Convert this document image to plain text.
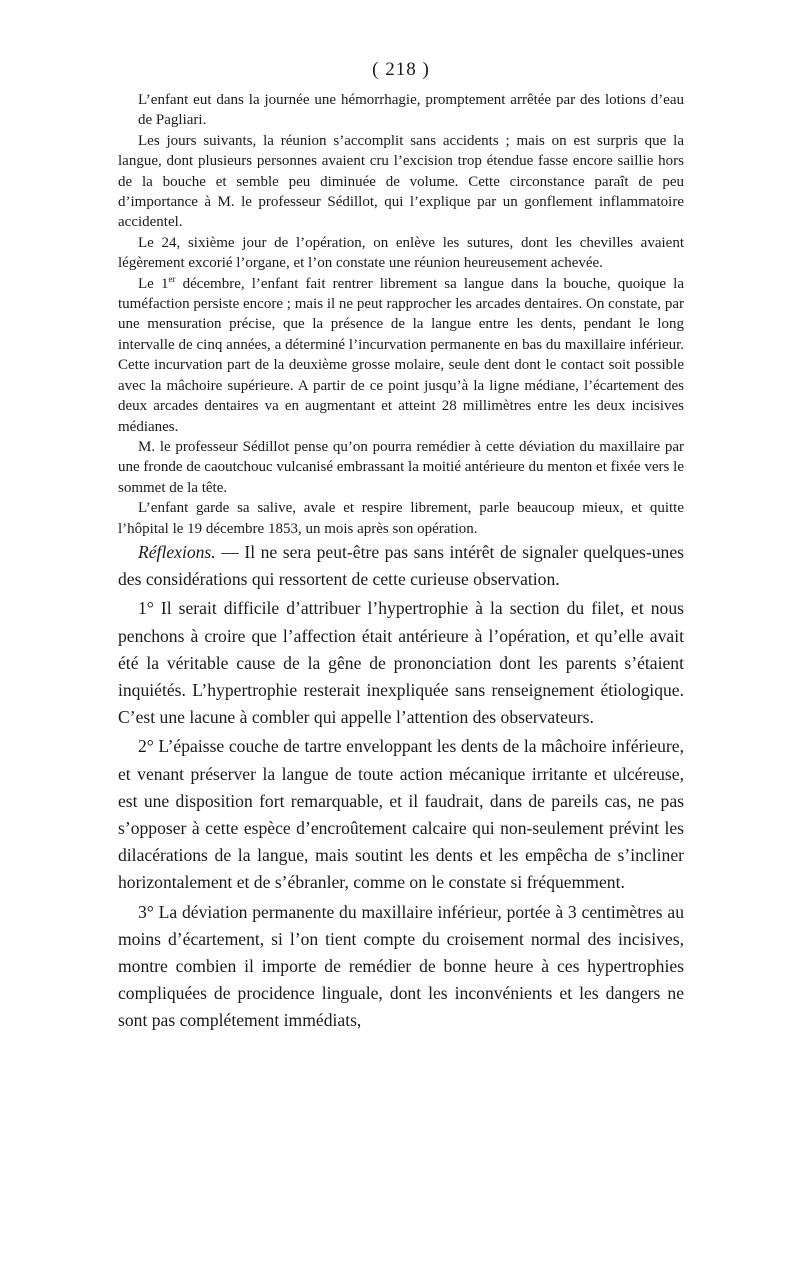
( 218 )

L’enfant eut dans la journée une hémorrhagie, promptement arrêtée par des lotions d’eau de Pagliari.

Les jours suivants, la réunion s’accomplit sans accidents ; mais on est surpris que la langue, dont plusieurs personnes avaient cru l’excision trop étendue fasse encore saillie hors de la bouche et semble peu diminuée de volume. Cette circonstance paraît de peu d’importance à M. le professeur Sédillot, qui l’explique par un gonflement inflammatoire accidentel.

Le 24, sixième jour de l’opération, on enlève les sutures, dont les chevilles avaient légèrement excorié l’organe, et l’on constate une réunion heureusement achevée.

Le 1er décembre, l’enfant fait rentrer librement sa langue dans la bouche, quoique la tuméfaction persiste encore ; mais il ne peut rapprocher les arcades dentaires. On constate, par une mensuration précise, que la présence de la langue entre les dents, pendant le long intervalle de cinq années, a déterminé l’incurvation permanente en bas du maxillaire inférieur. Cette incurvation part de la deuxième grosse molaire, seule dent dont le contact soit possible avec la mâchoire supérieure. A partir de ce point jusqu’à la ligne médiane, l’écartement des deux arcades dentaires va en augmentant et atteint 28 millimètres entre les deux incisives médianes.

M. le professeur Sédillot pense qu’on pourra remédier à cette déviation du maxillaire par une fronde de caoutchouc vulcanisé embrassant la moitié antérieure du menton et fixée vers le sommet de la tête.

L’enfant garde sa salive, avale et respire librement, parle beaucoup mieux, et quitte l’hôpital le 19 décembre 1853, un mois après son opération.

Réflexions. — Il ne sera peut-être pas sans intérêt de signaler quelques-unes des considérations qui ressortent de cette curieuse observation.

1° Il serait difficile d’attribuer l’hypertrophie à la section du filet, et nous penchons à croire que l’affection était antérieure à l’opération, et qu’elle avait été la véritable cause de la gêne de prononciation dont les parents s’étaient inquiétés. L’hypertrophie resterait inexpliquée sans renseignement étiologique. C’est une lacune à combler qui appelle l’attention des observateurs.

2° L’épaisse couche de tartre enveloppant les dents de la mâchoire inférieure, et venant préserver la langue de toute action mécanique irritante et ulcéreuse, est une disposition fort remarquable, et il faudrait, dans de pareils cas, ne pas s’opposer à cette espèce d’encroûtement calcaire qui non-seulement prévint les dilacérations de la langue, mais soutint les dents et les empêcha de s’incliner horizontalement et de s’ébranler, comme on le constate si fréquemment.

3° La déviation permanente du maxillaire inférieur, portée à 3 centimètres au moins d’écartement, si l’on tient compte du croisement normal des incisives, montre combien il importe de remédier de bonne heure à ces hypertrophies compliquées de procidence linguale, dont les inconvénients et les dangers ne sont pas complétement immédiats,
